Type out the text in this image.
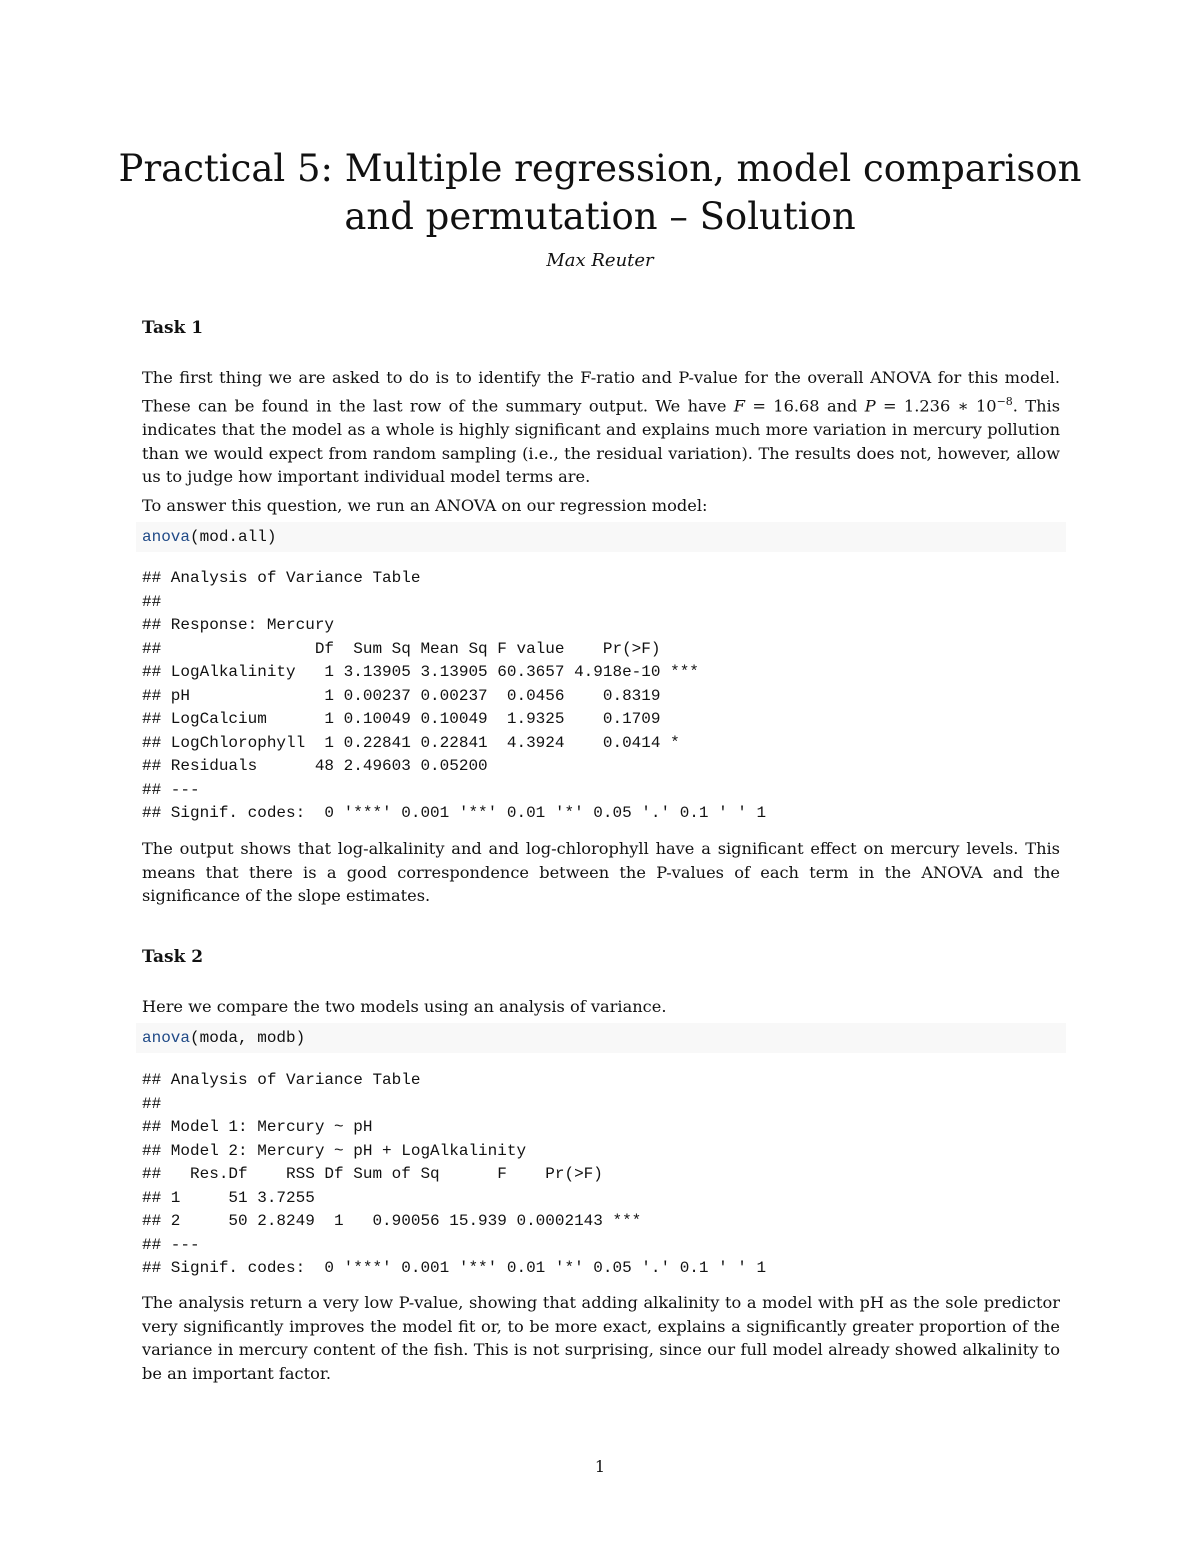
Practical 5: Multiple regression, model comparison and permutation – Solution
Max Reuter
Task 1
The first thing we are asked to do is to identify the F-ratio and P-value for the overall ANOVA for this model. These can be found in the last row of the summary output. We have F = 16.68 and P = 1.236 ∗ $10^{-8}$. This indicates that the model as a whole is highly significant and explains much more variation in mercury pollution than we would expect from random sampling (i.e., the residual variation). The results does not, however, allow us to judge how important individual model terms are.
To answer this question, we run an ANOVA on our regression model:
anova(mod.all)
## Analysis of Variance Table
##
## Response: Mercury
##                Df  Sum Sq Mean Sq F value    Pr(>F)
## LogAlkalinity   1 3.13905 3.13905 60.3657 4.918e-10 ***
## pH              1 0.00237 0.00237  0.0456    0.8319
## LogCalcium      1 0.10049 0.10049  1.9325    0.1709
## LogChlorophyll  1 0.22841 0.22841  4.3924    0.0414 *
## Residuals      48 2.49603 0.05200
## ---
## Signif. codes:  0 '***' 0.001 '**' 0.01 '*' 0.05 '.' 0.1 ' ' 1
The output shows that log-alkalinity and and log-chlorophyll have a significant effect on mercury levels. This means that there is a good correspondence between the P-values of each term in the ANOVA and the significance of the slope estimates.
Task 2
Here we compare the two models using an analysis of variance.
anova(moda, modb)
## Analysis of Variance Table
##
## Model 1: Mercury ~ pH
## Model 2: Mercury ~ pH + LogAlkalinity
##   Res.Df    RSS Df Sum of Sq      F    Pr(>F)
## 1     51 3.7255
## 2     50 2.8249  1   0.90056 15.939 0.0002143 ***
## ---
## Signif. codes:  0 '***' 0.001 '**' 0.01 '*' 0.05 '.' 0.1 ' ' 1
The analysis return a very low P-value, showing that adding alkalinity to a model with pH as the sole predictor very significantly improves the model fit or, to be more exact, explains a significantly greater proportion of the variance in mercury content of the fish. This is not surprising, since our full model already showed alkalinity to be an important factor.
1
